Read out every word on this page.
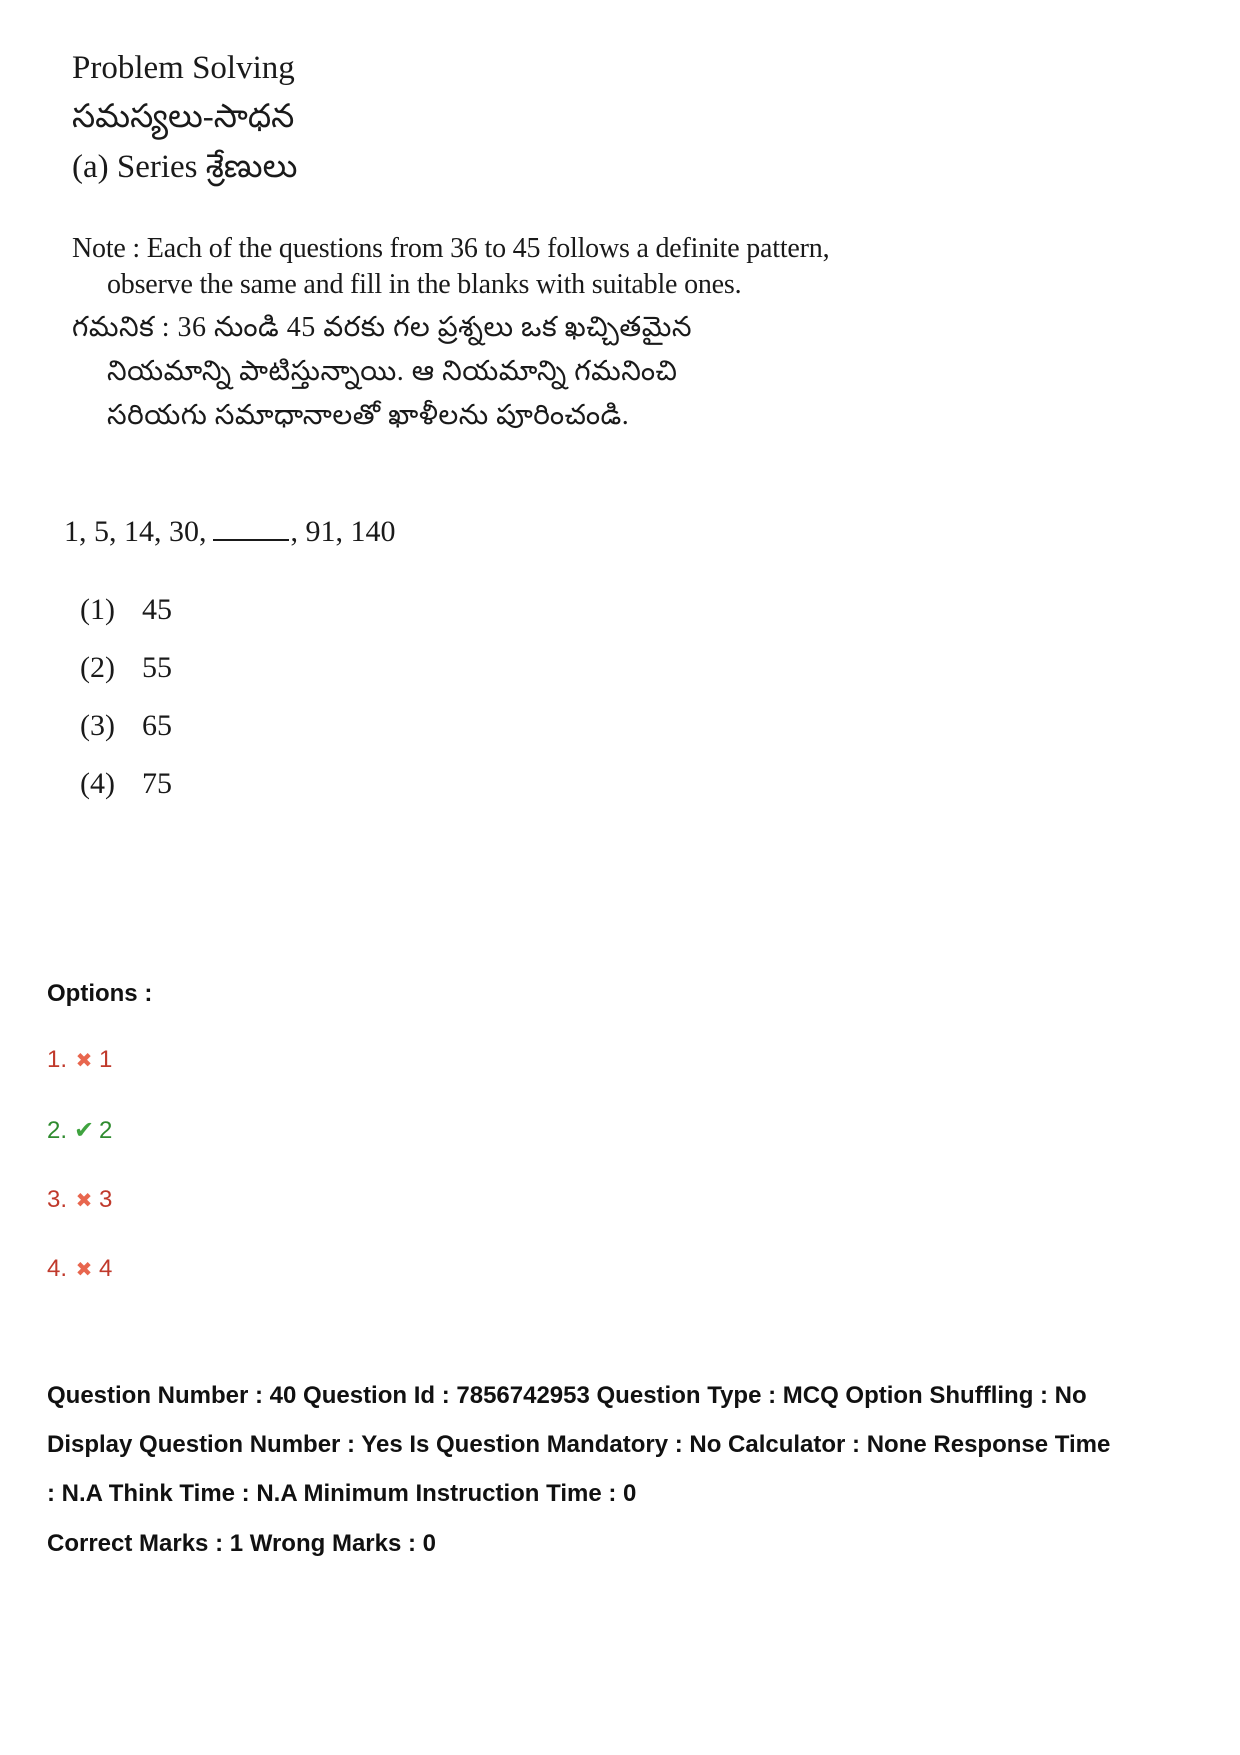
Problem Solving
సమస్యలు-సాధన
(a) Series శ్రేణులు
Note : Each of the questions from 36 to 45 follows a definite pattern,
observe the same and fill in the blanks with suitable ones.
గమనిక : 36 నుండి 45 వరకు గల ప్రశ్నలు ఒక ఖచ్చితమైన
నియమాన్ని పాటిస్తున్నాయి. ఆ నియమాన్ని గమనించి
సరియగు సమాధానాలతో ఖాళీలను పూరించండి.
1, 5, 14, 30,	, 91, 140
(1) 45
(2) 55
(3) 65
(4) 75
Options :
1. ✖ 1
2. ✔ 2
3. ✖ 3
4. ✖ 4
Question Number : 40 Question Id : 7856742953 Question Type : MCQ Option Shuffling : No
Display Question Number : Yes Is Question Mandatory : No Calculator : None Response Time
: N.A Think Time : N.A Minimum Instruction Time : 0
Correct Marks : 1 Wrong Marks : 0
